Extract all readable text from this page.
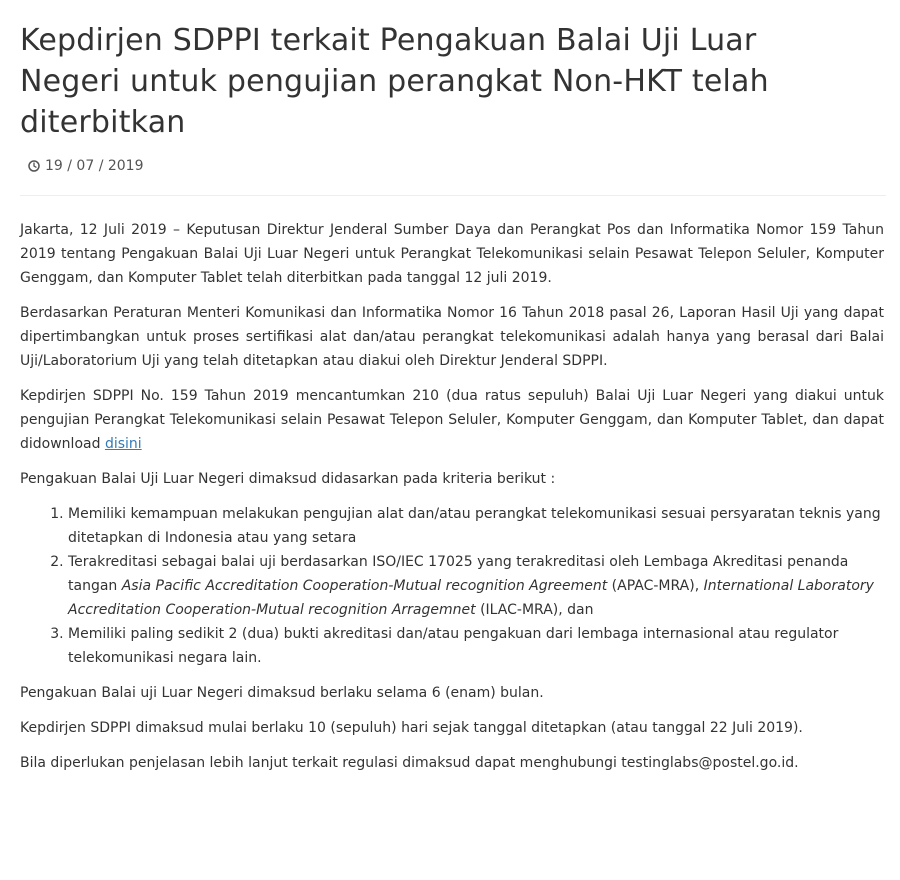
Kepdirjen SDPPI terkait Pengakuan Balai Uji Luar Negeri untuk pengujian perangkat Non-HKT telah diterbitkan
19 / 07 / 2019

Jakarta, 12 Juli 2019 – Keputusan Direktur Jenderal Sumber Daya dan Perangkat Pos dan Informatika Nomor 159 Tahun 2019 tentang Pengakuan Balai Uji Luar Negeri untuk Perangkat Telekomunikasi selain Pesawat Telepon Seluler, Komputer Genggam, dan Komputer Tablet telah diterbitkan pada tanggal 12 juli 2019.

Berdasarkan Peraturan Menteri Komunikasi dan Informatika Nomor 16 Tahun 2018 pasal 26, Laporan Hasil Uji yang dapat dipertimbangkan untuk proses sertifikasi alat dan/atau perangkat telekomunikasi adalah hanya yang berasal dari Balai Uji/Laboratorium Uji yang telah ditetapkan atau diakui oleh Direktur Jenderal SDPPI.

Kepdirjen SDPPI No. 159 Tahun 2019 mencantumkan 210 (dua ratus sepuluh) Balai Uji Luar Negeri yang diakui untuk pengujian Perangkat Telekomunikasi selain Pesawat Telepon Seluler, Komputer Genggam, dan Komputer Tablet, dan dapat didownload disini

Pengakuan Balai Uji Luar Negeri dimaksud didasarkan pada kriteria berikut :

1. Memiliki kemampuan melakukan pengujian alat dan/atau perangkat telekomunikasi sesuai persyaratan teknis yang ditetapkan di Indonesia atau yang setara
2. Terakreditasi sebagai balai uji berdasarkan ISO/IEC 17025 yang terakreditasi oleh Lembaga Akreditasi penanda tangan Asia Pacific Accreditation Cooperation-Mutual recognition Agreement (APAC-MRA), International Laboratory Accreditation Cooperation-Mutual recognition Arragemnet (ILAC-MRA), dan
3. Memiliki paling sedikit 2 (dua) bukti akreditasi dan/atau pengakuan dari lembaga internasional atau regulator telekomunikasi negara lain.

Pengakuan Balai uji Luar Negeri dimaksud berlaku selama 6 (enam) bulan.

Kepdirjen SDPPI dimaksud mulai berlaku 10 (sepuluh) hari sejak tanggal ditetapkan (atau tanggal 22 Juli 2019).

Bila diperlukan penjelasan lebih lanjut terkait regulasi dimaksud dapat menghubungi testinglabs@postel.go.id.
